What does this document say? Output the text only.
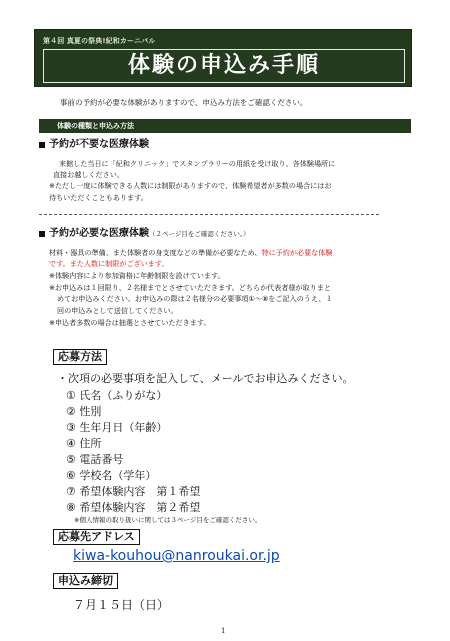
第４回 真夏の祭典!紀和カーニバル
体験の申込み手順
事前の予約が必要な体験がありますので、申込み方法をご確認ください。
体験の種類と申込み方法
予約が不要な医療体験
来館した当日に「紀和クリニック」でスタンプラリーの用紙を受け取り、各体験場所に
直接お越しください。
※ただし一度に体験できる人数には制限がありますので、体験希望者が多数の場合にはお
待ちいただくこともあります。
予約が必要な医療体験（２ページ目をご確認ください。）
材料・器具の準備、また体験者の身支度などの準備が必要なため、特に予約が必要な体験
です。また人数に制限がございます。
※体験内容により参加資格に年齢制限を設けています。
※お申込みは１回限り、２名様までとさせていただきます。どちらか代表者様が取りまと
めてお申込みください。お申込みの際は２名様分の必要事項①～⑧をご記入のうえ、１
回の申込みとして送信してください。
※申込者多数の場合は抽選とさせていただきます。
応募方法
・次項の必要事項を記入して、メールでお申込みください。
① 氏名（ふりがな）
② 性別
③ 生年月日（年齢）
④ 住所
⑤ 電話番号
⑥ 学校名（学年）
⑦ 希望体験内容　第１希望
⑧ 希望体験内容　第２希望
※個人情報の取り扱いに関しては３ページ目をご確認ください。
応募先アドレス
kiwa-kouhou@nanroukai.or.jp
申込み締切
７月１５日（日）
1
